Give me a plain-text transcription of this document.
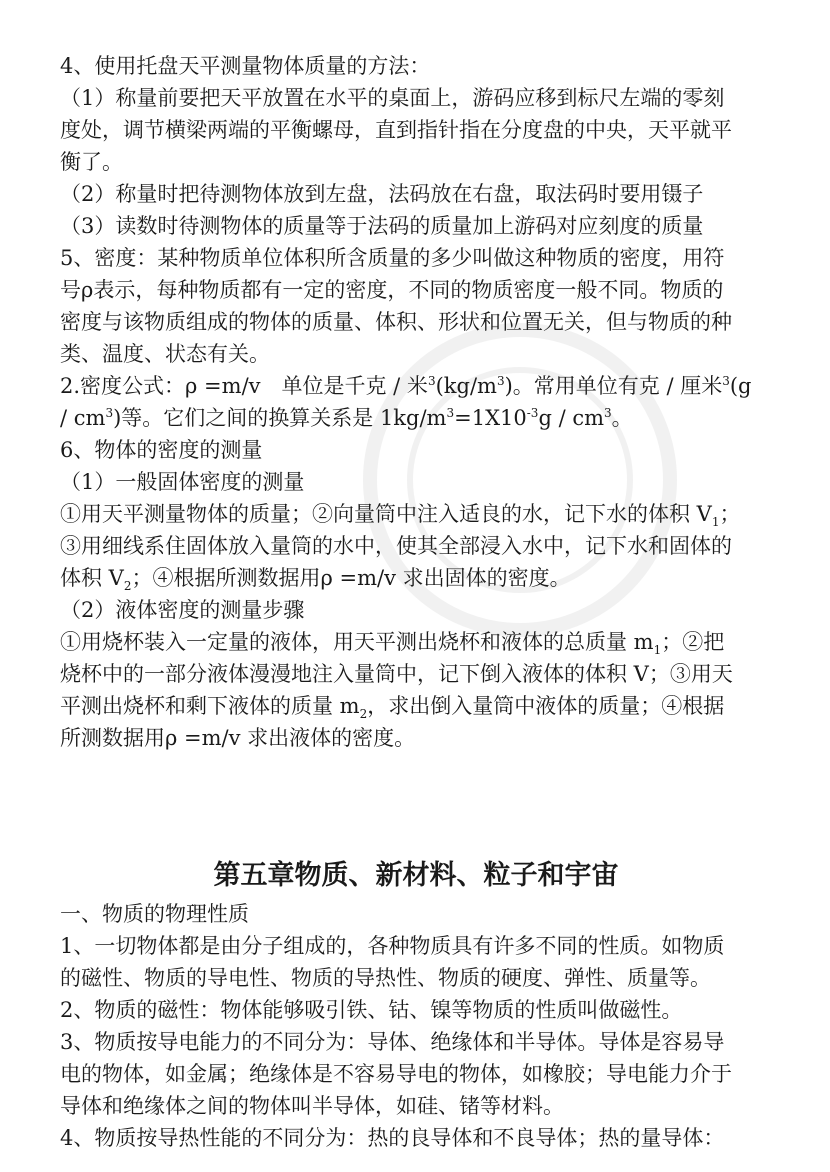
4、使用托盘天平测量物体质量的方法：
（1）称量前要把天平放置在水平的桌面上，游码应移到标尺左端的零刻
度处，调节横梁两端的平衡螺母，直到指针指在分度盘的中央，天平就平
衡了。
（2）称量时把待测物体放到左盘，法码放在右盘，取法码时要用镊子
（3）读数时待测物体的质量等于法码的质量加上游码对应刻度的质量
5、密度：某种物质单位体积所含质量的多少叫做这种物质的密度，用符
号ρ表示，每种物质都有一定的密度，不同的物质密度一般不同。物质的
密度与该物质组成的物体的质量、体积、形状和位置无关，但与物质的种
类、温度、状态有关。
2.密度公式：ρ =m/v　单位是千克 / 米$^3(kg/m^3)$。常用单位有克 / 厘米$^3$(g
/ $cm^3$)等。它们之间的换算关系是 $1kg/m^3=1X10^{-3}g / cm^3$。
6、物体的密度的测量
（1）一般固体密度的测量
①用天平测量物体的质量；②向量筒中注入适良的水，记下水的体积 $V_1$；
③用细线系住固体放入量筒的水中，使其全部浸入水中，记下水和固体的
体积 $V_2$；④根据所测数据用ρ =m/v 求出固体的密度。
（2）液体密度的测量步骤
①用烧杯装入一定量的液体，用天平测出烧杯和液体的总质量 $m_1$；②把
烧杯中的一部分液体漫漫地注入量筒中，记下倒入液体的体积 V；③用天
平测出烧杯和剩下液体的质量 $m_2$，求出倒入量筒中液体的质量；④根据
所测数据用ρ =m/v 求出液体的密度。
第五章物质、新材料、粒子和宇宙
一、物质的物理性质
1、一切物体都是由分子组成的，各种物质具有许多不同的性质。如物质
的磁性、物质的导电性、物质的导热性、物质的硬度、弹性、质量等。
2、物质的磁性：物体能够吸引铁、钴、镍等物质的性质叫做磁性。
3、物质按导电能力的不同分为：导体、绝缘体和半导体。导体是容易导
电的物体，如金属；绝缘体是不容易导电的物体，如橡胶；导电能力介于
导体和绝缘体之间的物体叫半导体，如硅、锗等材料。
4、物质按导热性能的不同分为：热的良导体和不良导体；热的量导体：
